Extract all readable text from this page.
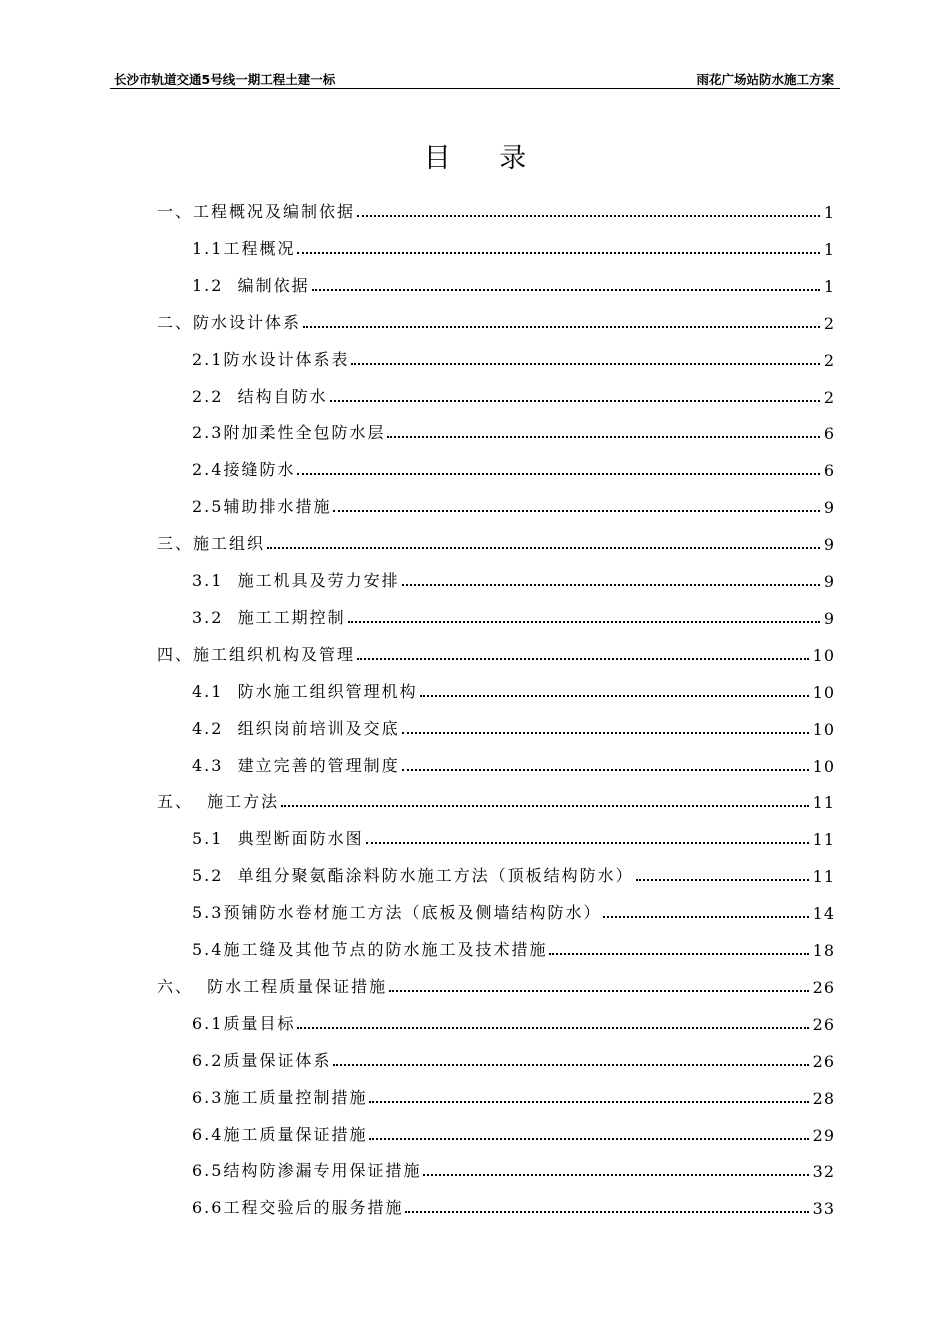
长沙市轨道交通5号线一期工程土建一标	雨花广场站防水施工方案
目 录
一、工程概况及编制依据	1
1.1工程概况	1
1.2  编制依据	1
二、防水设计体系	2
2.1防水设计体系表	2
2.2  结构自防水	2
2.3附加柔性全包防水层	6
2.4接缝防水	6
2.5辅助排水措施	9
三、施工组织	9
3.1  施工机具及劳力安排	9
3.2  施工工期控制	9
四、施工组织机构及管理	10
4.1  防水施工组织管理机构	10
4.2  组织岗前培训及交底	10
4.3  建立完善的管理制度	10
五、  施工方法	11
5.1  典型断面防水图	11
5.2  单组分聚氨酯涂料防水施工方法（顶板结构防水）	11
5.3预铺防水卷材施工方法（底板及侧墙结构防水）	14
5.4施工缝及其他节点的防水施工及技术措施	18
六、  防水工程质量保证措施	26
6.1质量目标	26
6.2质量保证体系	26
6.3施工质量控制措施	28
6.4施工质量保证措施	29
6.5结构防渗漏专用保证措施	32
6.6工程交验后的服务措施	33
